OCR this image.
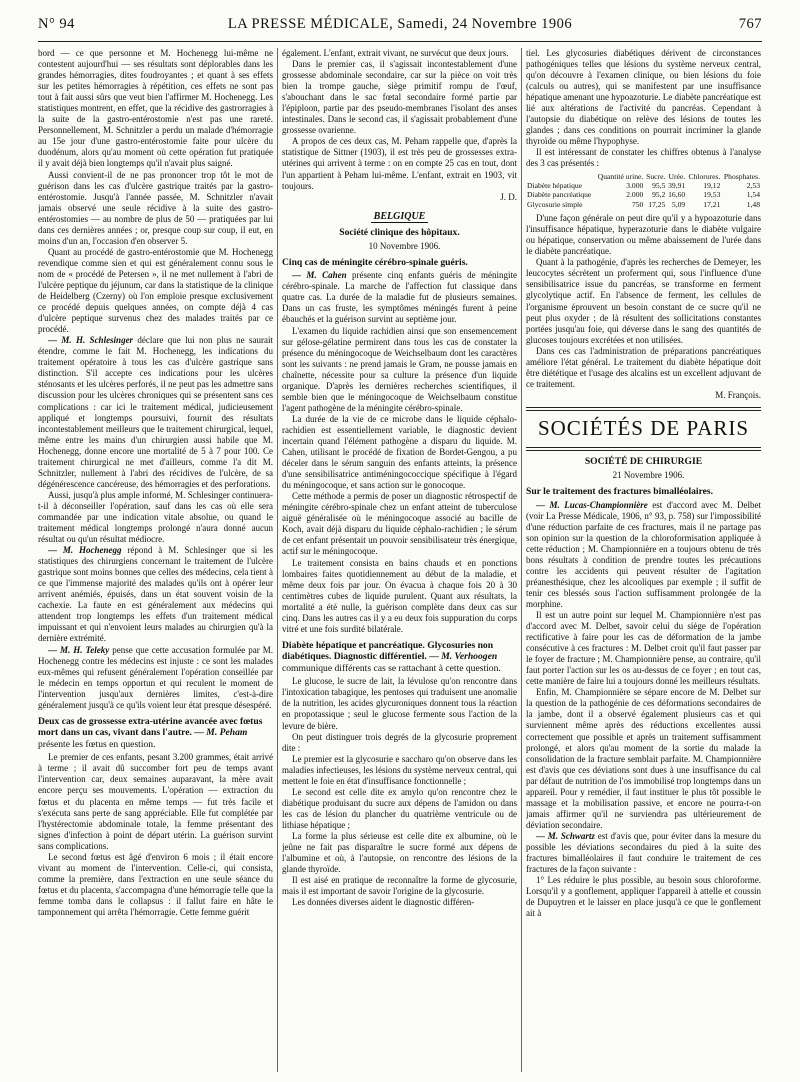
N° 94	LA PRESSE MÉDICALE, Samedi, 24 Novembre 1906	767

bord — ce que personne et M. Hochenegg lui-même ne contestent aujourd'hui — ses résultats sont déplorables dans les grandes hémorragies, dites foudroyantes ; et quant à ses effets sur les petites hémorragies à répétition, ces effets ne sont pas tout à fait aussi sûrs que veut bien l'affirmer M. Hochenegg. Les statistiques montrent, en effet, que la récidive des gastrorragies à la suite de la gastro-entérostomie n'est pas une rareté. Personnellement, M. Schnitzler a perdu un malade d'hémorragie au 15e jour d'une gastro-entérostomie faite pour ulcère du duodénum, alors qu'au moment où cette opération fut pratiquée il y avait déjà bien longtemps qu'il n'avait plus saigné.

Aussi convient-il de ne pas prononcer trop tôt le mot de guérison dans les cas d'ulcère gastrique traités par la gastro-entérostomie. Jusqu'à l'année passée, M. Schnitzler n'avait jamais observé une seule récidive à la suite des gastro-entérostomies — au nombre de plus de 50 — pratiquées par lui dans ces dernières années ; or, presque coup sur coup, il eut, en moins d'un an, l'occasion d'en observer 5.

Quant au procédé de gastro-entérostomie que M. Hochenegg revendique comme sien et qui est généralement connu sous le nom de « procédé de Petersen », il ne met nullement à l'abri de l'ulcère peptique du jéjunum, car dans la statistique de la clinique de Heidelberg (Czerny) où l'on emploie presque exclusivement ce procédé depuis quelques années, on compte déjà 4 cas d'ulcère peptique survenus chez des malades traités par ce procédé.

— M. H. Schlesinger déclare que lui non plus ne saurait étendre, comme le fait M. Hochenegg, les indications du traitement opératoire à tous les cas d'ulcère gastrique sans distinction. S'il accepte ces indications pour les ulcères sténosants et les ulcères perforés, il ne peut pas les admettre sans discussion pour les ulcères chroniques qui se présentent sans ces complications : car ici le traitement médical, judicieusement appliqué et longtemps poursuivi, fournit des résultats incontestablement meilleurs que le traitement chirurgical, lequel, même entre les mains d'un chirurgien aussi habile que M. Hochenegg, donne encore une mortalité de 5 à 7 pour 100. Ce traitement chirurgical ne met d'ailleurs, comme l'a dit M. Schnitzler, nullement à l'abri des récidives de l'ulcère, de sa dégénérescence cancéreuse, des hémorragies et des perforations.

Aussi, jusqu'à plus ample informé, M. Schlesinger continuera-t-il à déconseiller l'opération, sauf dans les cas où elle sera commandée par une indication vitale absolue, ou quand le traitement médical longtemps prolongé n'aura donné aucun résultat ou qu'un résultat médiocre.

— M. Hochenegg répond à M. Schlesinger que si les statistiques des chirurgiens concernant le traitement de l'ulcère gastrique sont moins bonnes que celles des médecins, cela tient à ce que l'immense majorité des malades qu'ils ont à opérer leur arrivent anémiés, épuisés, dans un état souvent voisin de la cachexie. La faute en est généralement aux médecins qui attendent trop longtemps les effets d'un traitement médical impuissant et qui n'envoient leurs malades au chirurgien qu'à la dernière extrémité.

— M. H. Teleky pense que cette accusation formulée par M. Hochenegg contre les médecins est injuste : ce sont les malades eux-mêmes qui refusent généralement l'opération conseillée par le médecin en temps opportun et qui reculent le moment de l'intervention jusqu'aux dernières limites, c'est-à-dire généralement jusqu'à ce qu'ils voient leur état presque désespéré.

Deux cas de grossesse extra-utérine avancée avec fœtus mort dans un cas, vivant dans l'autre. — M. Peham présente les fœtus en question.

Le premier de ces enfants, pesant 3.200 grammes, était arrivé à terme ; il avait dû succomber fort peu de temps avant l'intervention car, deux semaines auparavant, la mère avait encore perçu ses mouvements. L'opération — extraction du fœtus et du placenta en même temps — fut très facile et s'exécuta sans perte de sang appréciable. Elle fut complétée par l'hystérectomie abdominale totale, la femme présentant des signes d'infection à point de départ utérin. La guérison survint sans complications.

Le second fœtus est âgé d'environ 6 mois ; il était encore vivant au moment de l'intervention. Celle-ci, qui consista, comme la première, dans l'extraction en une seule séance du fœtus et du placenta, s'accompagna d'une hémorragie telle que la femme tomba dans le collapsus : il fallut faire en hâte le tamponnement qui arrêta l'hémorragie. Cette femme guérit

également. L'enfant, extrait vivant, ne survécut que deux jours.

Dans le premier cas, il s'agissait incontestablement d'une grossesse abdominale secondaire, car sur la pièce on voit très bien la trompe gauche, siège primitif rompu de l'œuf, s'abouchant dans le sac fœtal secondaire formé partie par l'épiploon, partie par des pseudo-membranes l'isolant des anses intestinales. Dans le second cas, il s'agissait probablement d'une grossesse ovarienne.

A propos de ces deux cas, M. Peham rappelle que, d'après la statistique de Sittner (1903), il est très peu de grossesses extra-utérines qui arrivent à terme : on en compte 25 cas en tout, dont l'un appartient à Peham lui-même. L'enfant, extrait en 1903, vit toujours.

J. D.

BELGIQUE
Société clinique des hôpitaux.

10 Novembre 1906.

Cinq cas de méningite cérébro-spinale guéris.

— M. Cahen présente cinq enfants guéris de méningite cérébro-spinale. La marche de l'affection fut classique dans quatre cas. La durée de la maladie fut de plusieurs semaines. Dans un cas fruste, les symptômes méningés furent à peine ébauchés et la guérison survint au septième jour.

L'examen du liquide rachidien ainsi que son ensemencement sur gélose-gélatine permirent dans tous les cas de constater la présence du méningocoque de Weichselbaum dont les caractères sont les suivants : ne prend jamais le Gram, ne pousse jamais en chaînette, nécessite pour sa culture la présence d'un liquide organique. D'après les dernières recherches scientifiques, il semble bien que le méningocoque de Weichselbaum constitue l'agent pathogène de la méningite cérébro-spinale.

La durée de la vie de ce microbe dans le liquide céphalo-rachidien est essentiellement variable, le diagnostic devient incertain quand l'élément pathogène a disparu du liquide. M. Cahen, utilisant le procédé de fixation de Bordet-Gengou, a pu déceler dans le sérum sanguin des enfants atteints, la présence d'une sensibilisatrice antiméningococcique spécifique à l'égard du méningocoque, et sans action sur le gonocoque.

Cette méthode a permis de poser un diagnostic rétrospectif de méningite cérébro-spinale chez un enfant atteint de tuberculose aiguë généralisée où le méningocoque associé au bacille de Koch, avait déjà disparu du liquide céphalo-rachidien ; le sérum de cet enfant présentait un pouvoir sensibilisateur très énergique, actif sur le méningocoque.

Le traitement consista en bains chauds et en ponctions lombaires faites quotidiennement au début de la maladie, et même deux fois par jour. On évacua à chaque fois 20 à 30 centimètres cubes de liquide purulent. Quant aux résultats, la mortalité a été nulle, la guérison complète dans deux cas sur cinq. Dans les autres cas il y a eu deux fois suppuration du corps vitré et une fois surdité bilatérale.

Diabète hépatique et pancréatique. Glycosuries non diabétiques. Diagnostic différentiel. — M. Verhoogen communique différents cas se rattachant à cette question.

Le glucose, le sucre de lait, la lévulose qu'on rencontre dans l'intoxication tabagique, les pentoses qui traduisent une anomalie de la nutrition, les acides glycuroniques donnent tous la réaction en propotassique ; seul le glucose fermente sous l'action de la levure de bière.

On peut distinguer trois degrés de la glycosurie proprement dite :

Le premier est la glycosurie e saccharo qu'on observe dans les maladies infectieuses, les lésions du système nerveux central, qui mettent le foie en état d'insuffisance fonctionnelle ;

Le second est celle dite ex amylo qu'on rencontre chez le diabétique produisant du sucre aux dépens de l'amidon ou dans les cas de lésion du plancher du quatrième ventricule ou de lithiase hépatique ;

La forme la plus sérieuse est celle dite ex albumine, où le jeûne ne fait pas disparaître le sucre formé aux dépens de l'albumine et où, à l'autopsie, on rencontre des lésions de la glande thyroïde.

Il est aisé en pratique de reconnaître la forme de glycosurie, mais il est important de savoir l'origine de la glycosurie.

Les données diverses aident le diagnostic différen-

tiel. Les glycosuries diabétiques dérivent de circonstances pathogéniques telles que lésions du système nerveux central, qu'on découvre à l'examen clinique, ou bien lésions du foie (calculs ou autres), qui se manifestent par une insuffisance hépatique amenant une hypoazoturie. Le diabète pancréatique est lié aux altérations de l'activité du pancréas. Cependant à l'autopsie du diabétique on relève des lésions de toutes les glandes ; dans ces conditions on pourrait incriminer la glande thyroïde ou même l'hypophyse.

Il est intéressant de constater les chiffres obtenus à l'analyse des 3 cas présentés :

	Quantité urine.	Sucre.	Urée.	Chlorures.	Phosphates.
Diabète hépatique	3.000	95,5	39,91	19,12	2,53
Diabète pancréatique	2.000	95,2	16,60	19,53	1,54
Glycosurie simple	750	17,25	5,09	17,21	1,48

D'une façon générale on peut dire qu'il y a hypoazoturie dans l'insuffisance hépatique, hyperazoturie dans le diabète vulgaire ou hépatique, conservation ou même abaissement de l'urée dans le diabète pancréatique.

Quant à la pathogénie, d'après les recherches de Demeyer, les leucocytes sécrètent un proferment qui, sous l'influence d'une sensibilisatrice issue du pancréas, se transforme en ferment glycolytique actif. En l'absence de ferment, les cellules de l'organisme éprouvent un besoin constant de ce sucre qu'il ne peut plus oxyder ; de là résultent des sollicitations constantes portées jusqu'au foie, qui déverse dans le sang des quantités de glucoses toujours excrétées et non utilisées.

Dans ces cas l'administration de préparations pancréatiques améliore l'état général. Le traitement du diabète hépatique doit être diététique et l'usage des alcalins est un excellent adjuvant de ce traitement.

M. François.

SOCIÉTÉS DE PARIS
SOCIÉTÉ DE CHIRURGIE

21 Novembre 1906.

Sur le traitement des fractures bimalléolaires.

— M. Lucas-Championnière est d'accord avec M. Delbet (voir La Presse Médicale, 1906, n° 93, p. 758) sur l'impossibilité d'une réduction parfaite de ces fractures, mais il ne partage pas son opinion sur la question de la chloroformisation appliquée à cette réduction ; M. Championnière en a toujours obtenu de très bons résultats à condition de prendre toutes les précautions contre les accidents qui peuvent résulter de l'agitation préanesthésique, chez les alcooliques par exemple ; il suffit de tenir ces blessés sous l'action suffisamment prolongée de la morphine.

Il est un autre point sur lequel M. Championnière n'est pas d'accord avec M. Delbet, savoir celui du siège de l'opération rectificative à faire pour les cas de déformation de la jambe consécutive à ces fractures : M. Delbet croit qu'il faut passer par le foyer de fracture ; M. Championnière pense, au contraire, qu'il faut porter l'action sur les os au-dessus de ce foyer ; en tout cas, cette manière de faire lui a toujours donné les meilleurs résultats.

Enfin, M. Championnière se sépare encore de M. Delbet sur la question de la pathogénie de ces déformations secondaires de la jambe, dont il a observé également plusieurs cas et qui surviennent même après des réductions excellentes aussi correctement que possible et après un traitement suffisamment prolongé, et alors qu'au moment de la sortie du malade la consolidation de la fracture semblait parfaite. M. Championnière est d'avis que ces déviations sont dues à une insuffisance du cal par défaut de nutrition de l'os immobilisé trop longtemps dans un appareil. Pour y remédier, il faut instituer le plus tôt possible le massage et la mobilisation passive, et encore ne pourra-t-on jamais affirmer qu'il ne surviendra pas ultérieurement de déviation secondaire.

— M. Schwartz est d'avis que, pour éviter dans la mesure du possible les déviations secondaires du pied à la suite des fractures bimalléolaires il faut conduire le traitement de ces fractures de la façon suivante :

1° Les réduire le plus possible, au besoin sous chloroforme. Lorsqu'il y a gonflement, appliquer l'appareil à attelle et coussin de Dupuytren et le laisser en place jusqu'à ce que le gonflement ait à
